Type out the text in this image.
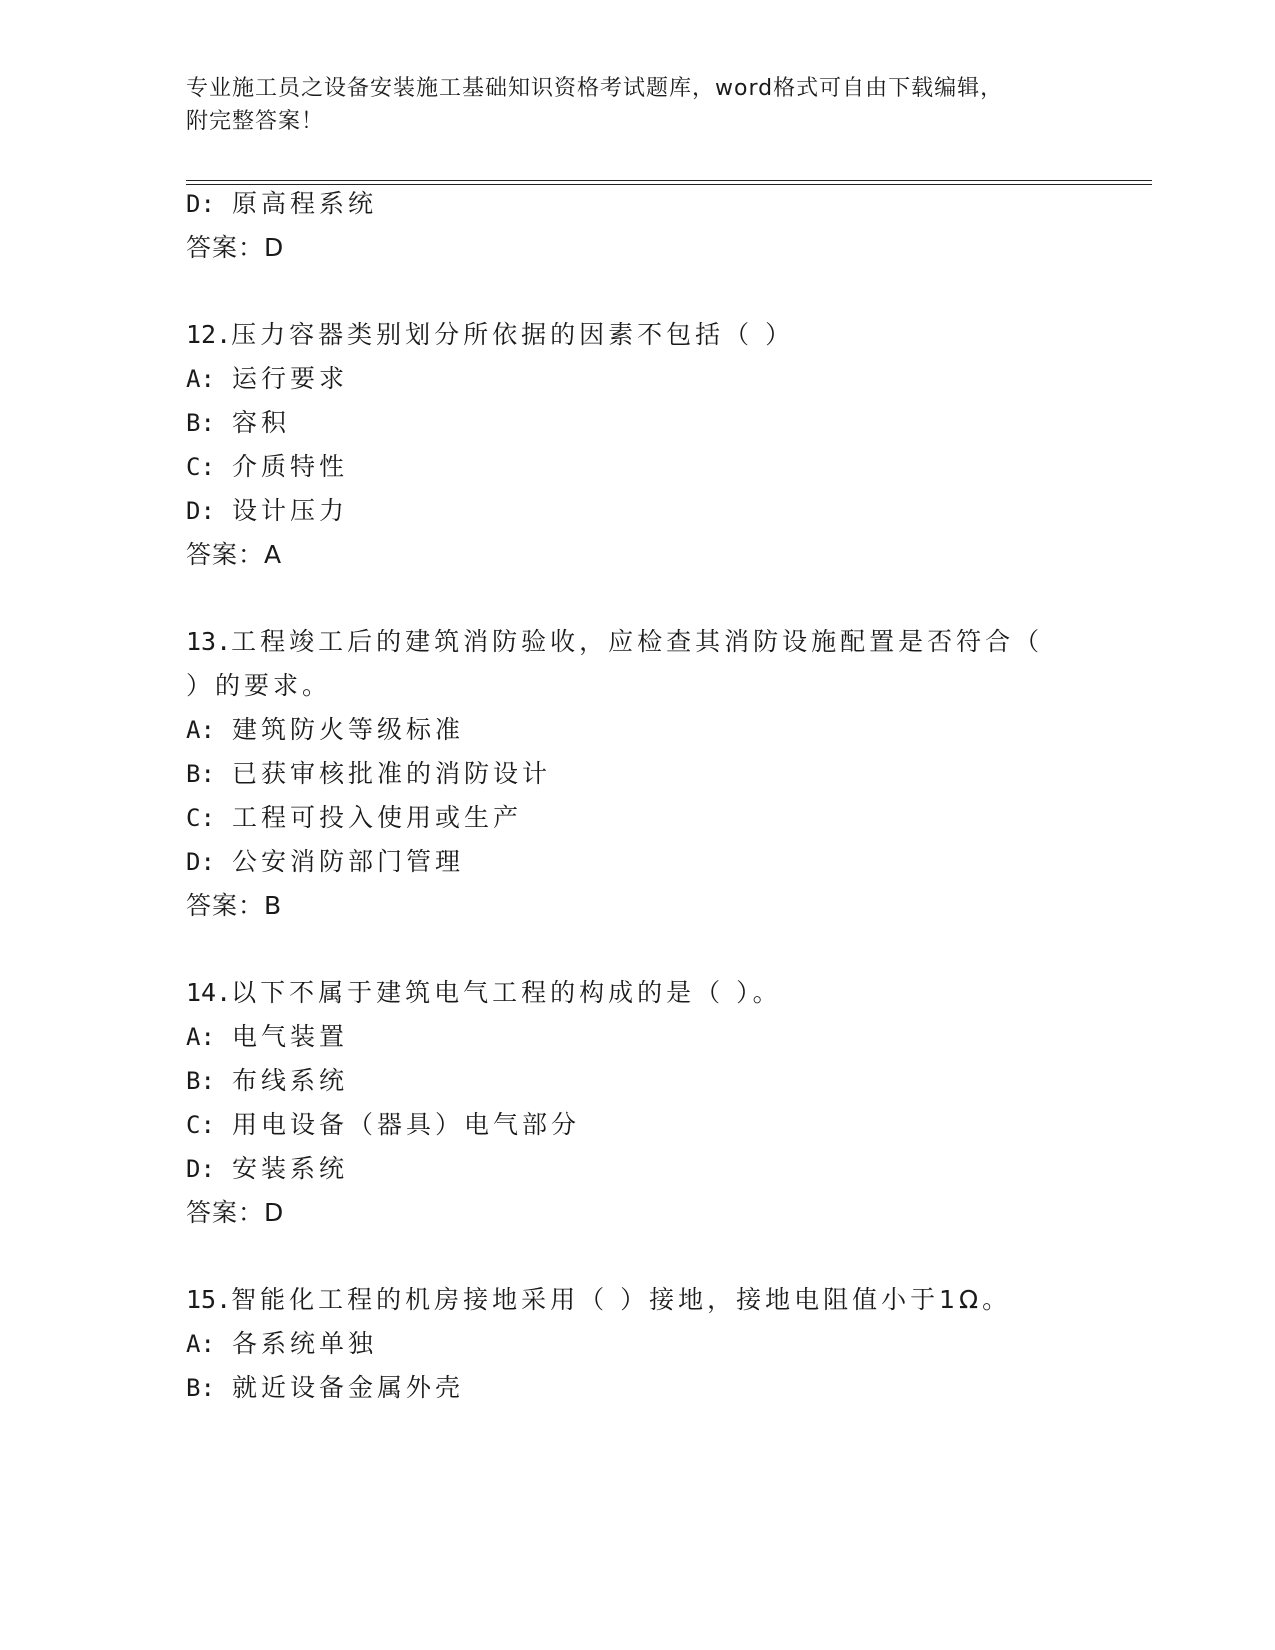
专业施工员之设备安装施工基础知识资格考试题库，word格式可自由下载编辑，
附完整答案！
D: 原高程系统
答案：D
12.压力容器类别划分所依据的因素不包括（ ）
A: 运行要求
B: 容积
C: 介质特性
D: 设计压力
答案：A
13.工程竣工后的建筑消防验收，应检查其消防设施配置是否符合（
）的要求。
A: 建筑防火等级标准
B: 已获审核批准的消防设计
C: 工程可投入使用或生产
D: 公安消防部门管理
答案：B
14.以下不属于建筑电气工程的构成的是（ ）。
A: 电气装置
B: 布线系统
C: 用电设备（器具）电气部分
D: 安装系统
答案：D
15.智能化工程的机房接地采用（ ）接地，接地电阻值小于1Ω。
A: 各系统单独
B: 就近设备金属外壳
